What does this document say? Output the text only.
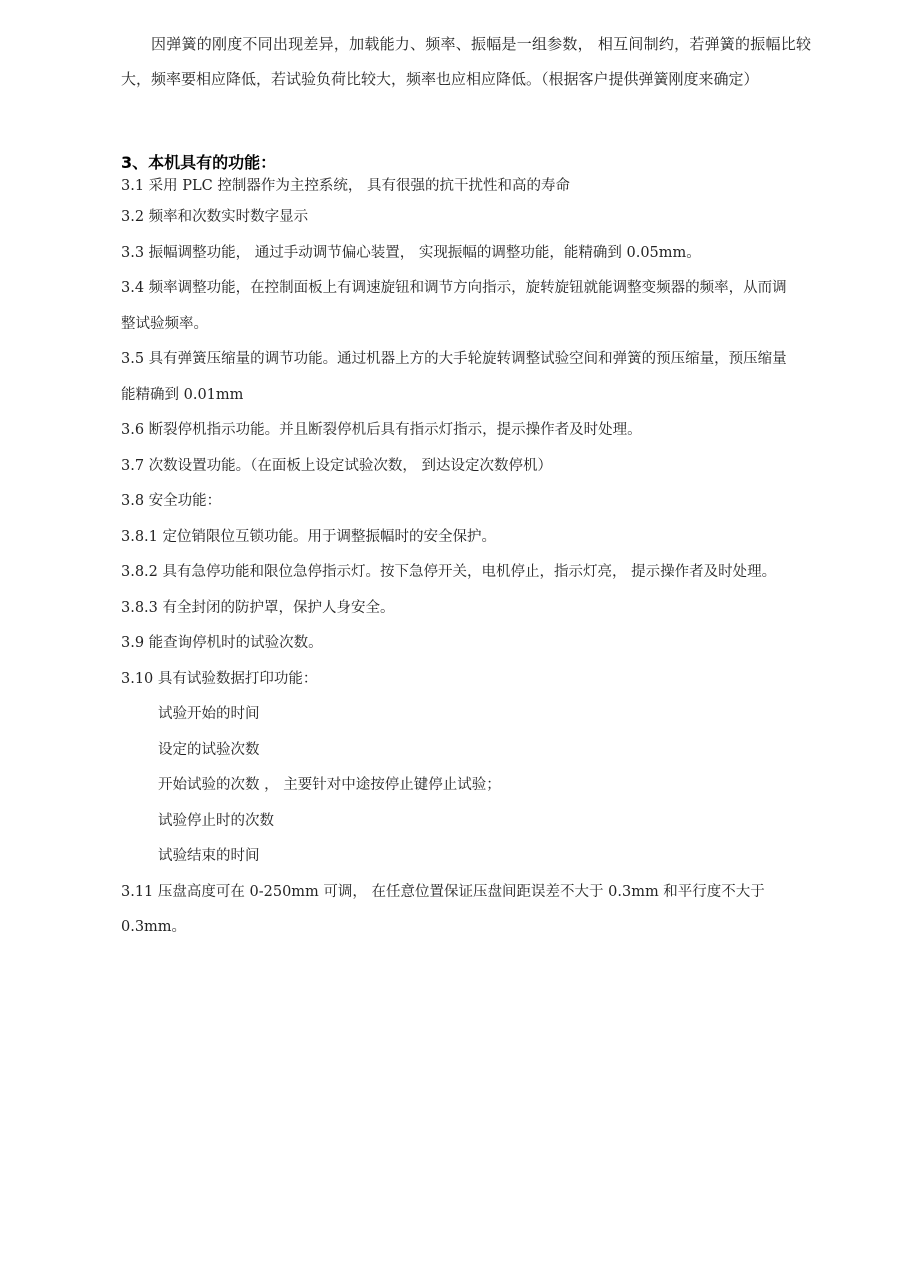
因弹簧的刚度不同出现差异，加载能力、频率、振幅是一组参数， 相互间制约，若弹簧的振幅比较大，频率要相应降低，若试验负荷比较大，频率也应相应降低。（根据客户提供弹簧刚度来确定）

3、本机具有的功能：
3.1 采用 PLC 控制器作为主控系统， 具有很强的抗干扰性和高的寿命
3.2 频率和次数实时数字显示
3.3 振幅调整功能， 通过手动调节偏心装置， 实现振幅的调整功能，能精确到 0.05mm。
3.4 频率调整功能，在控制面板上有调速旋钮和调节方向指示，旋转旋钮就能调整变频器的频率，从而调整试验频率。
3.5 具有弹簧压缩量的调节功能。通过机器上方的大手轮旋转调整试验空间和弹簧的预压缩量，预压缩量能精确到 0.01mm
3.6 断裂停机指示功能。并且断裂停机后具有指示灯指示，提示操作者及时处理。
3.7 次数设置功能。（在面板上设定试验次数， 到达设定次数停机）
3.8 安全功能：
3.8.1 定位销限位互锁功能。用于调整振幅时的安全保护。
3.8.2 具有急停功能和限位急停指示灯。按下急停开关，电机停止，指示灯亮， 提示操作者及时处理。
3.8.3 有全封闭的防护罩，保护人身安全。
3.9 能查询停机时的试验次数。
3.10 具有试验数据打印功能：
试验开始的时间
设定的试验次数
开始试验的次数 ， 主要针对中途按停止键停止试验；
试验停止时的次数
试验结束的时间
3.11 压盘高度可在 0-250mm 可调， 在任意位置保证压盘间距误差不大于 0.3mm 和平行度不大于 0.3mm。
